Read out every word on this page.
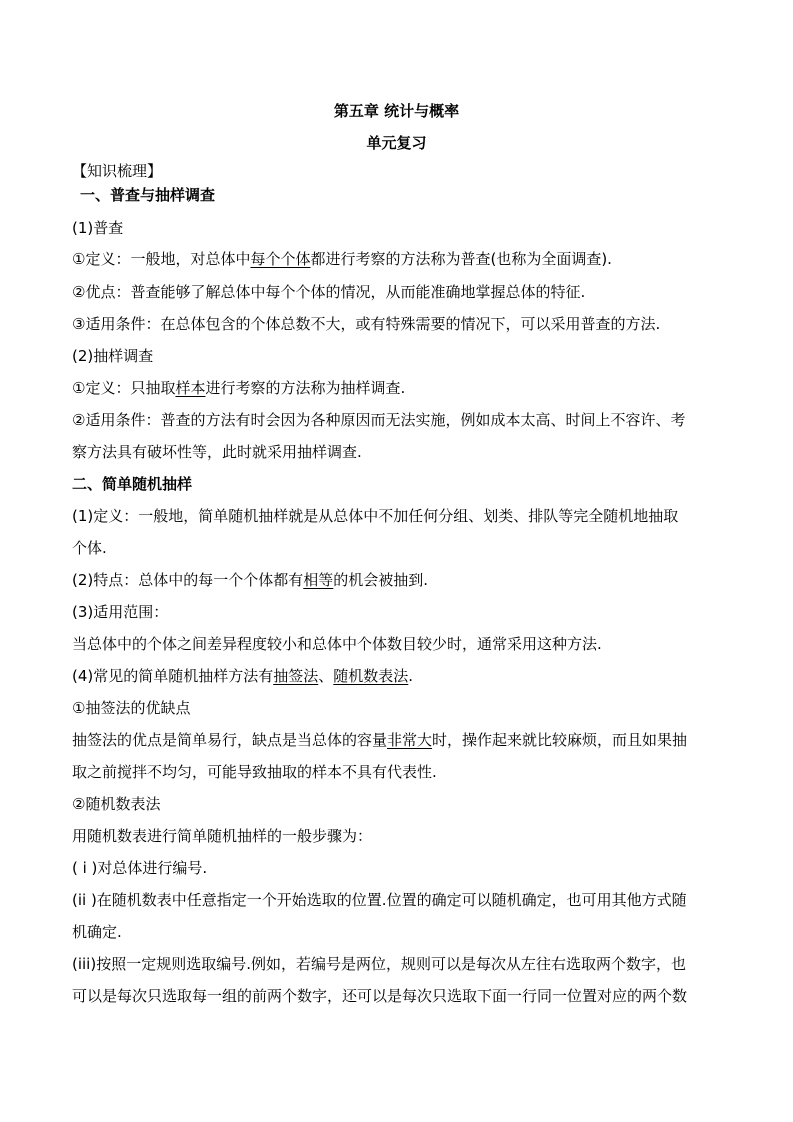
第五章 统计与概率
单元复习
【知识梳理】
一、普查与抽样调查
(1)普查
①定义：一般地，对总体中每个个体都进行考察的方法称为普查(也称为全面调查).
②优点：普查能够了解总体中每个个体的情况，从而能准确地掌握总体的特征.
③适用条件：在总体包含的个体总数不大，或有特殊需要的情况下，可以采用普查的方法.
(2)抽样调查
①定义：只抽取样本进行考察的方法称为抽样调查.
②适用条件：普查的方法有时会因为各种原因而无法实施，例如成本太高、时间上不容许、考
察方法具有破坏性等，此时就采用抽样调查.
二、简单随机抽样
(1)定义：一般地，简单随机抽样就是从总体中不加任何分组、划类、排队等完全随机地抽取
个体.
(2)特点：总体中的每一个个体都有相等的机会被抽到.
(3)适用范围：
当总体中的个体之间差异程度较小和总体中个体数目较少时，通常采用这种方法.
(4)常见的简单随机抽样方法有抽签法、随机数表法.
①抽签法的优缺点
抽签法的优点是简单易行，缺点是当总体的容量非常大时，操作起来就比较麻烦，而且如果抽
取之前搅拌不均匀，可能导致抽取的样本不具有代表性.
②随机数表法
用随机数表进行简单随机抽样的一般步骤为：
( i )对总体进行编号.
(ii )在随机数表中任意指定一个开始选取的位置.位置的确定可以随机确定，也可用其他方式随
机确定.
(iii)按照一定规则选取编号.例如，若编号是两位，规则可以是每次从左往右选取两个数字，也
可以是每次只选取每一组的前两个数字，还可以是每次只选取下面一行同一位置对应的两个数
